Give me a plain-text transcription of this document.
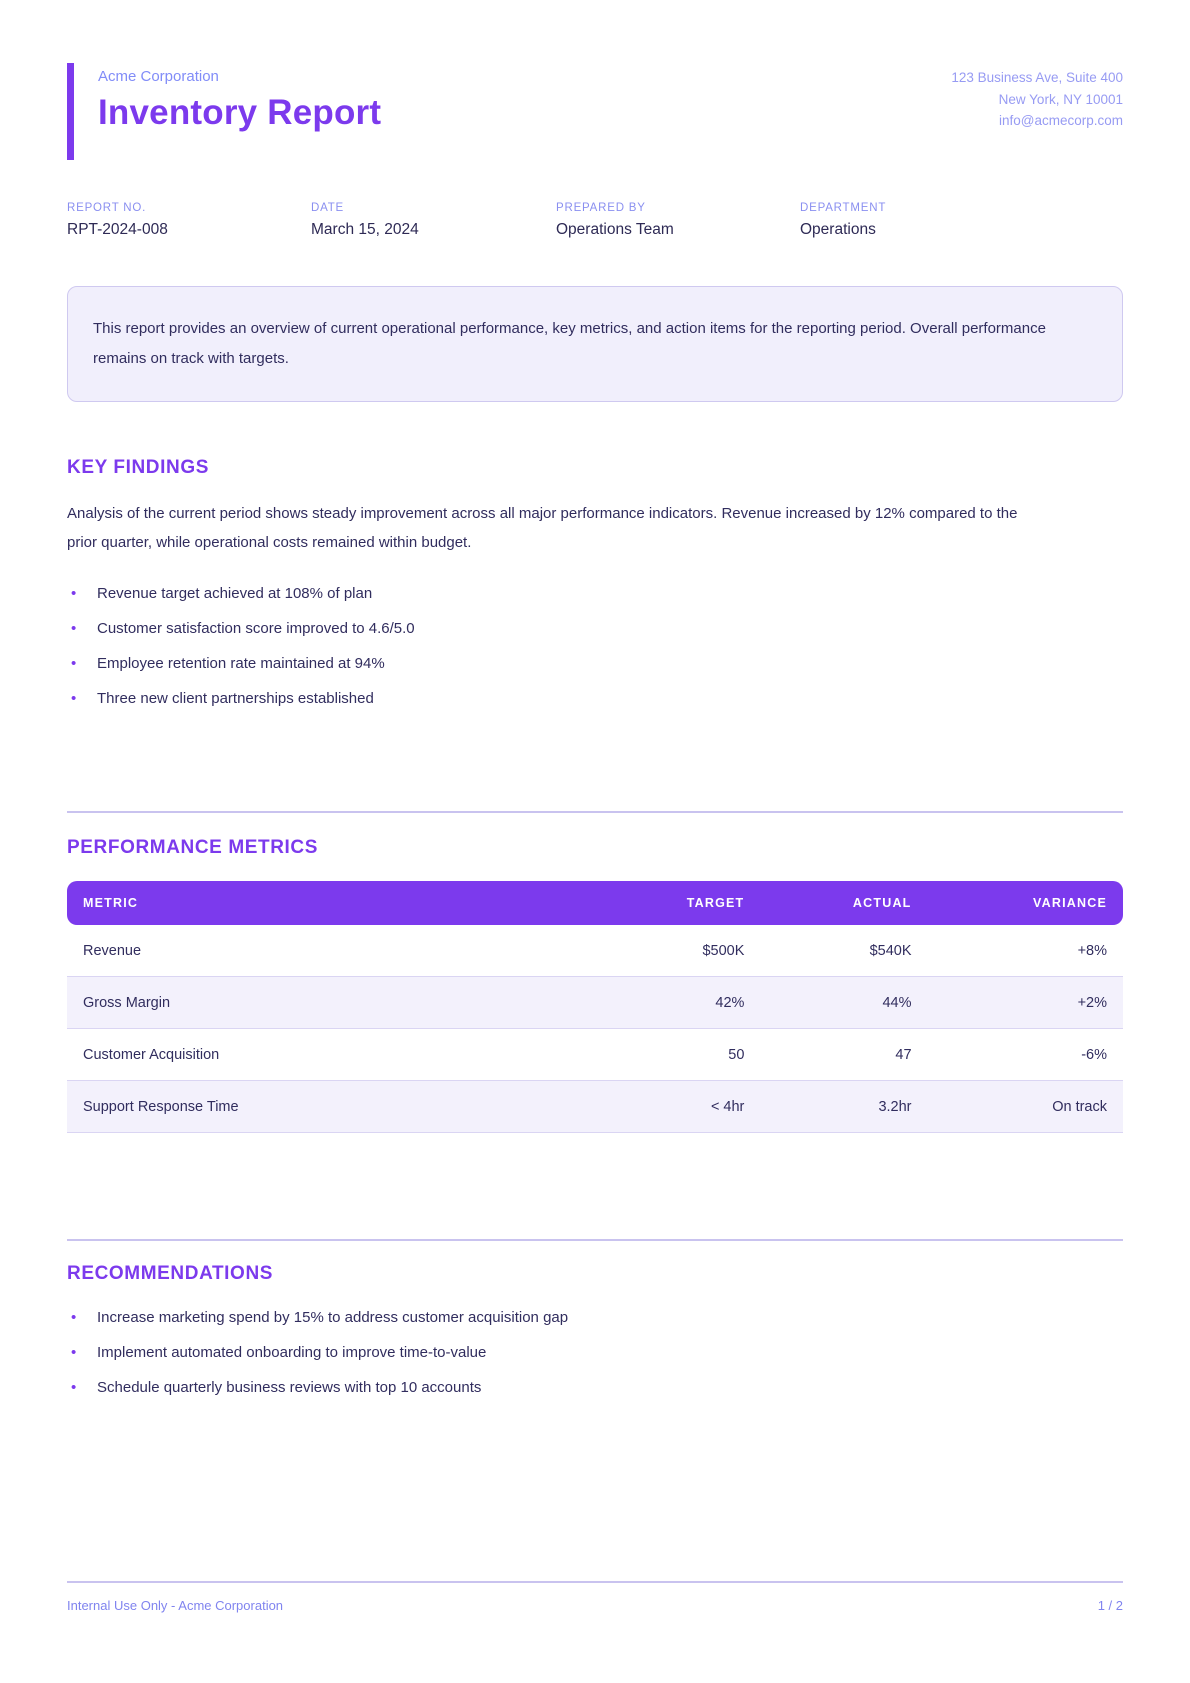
Acme Corporation
Inventory Report
123 Business Ave, Suite 400
New York, NY 10001
info@acmecorp.com
REPORT NO.
RPT-2024-008
DATE
March 15, 2024
PREPARED BY
Operations Team
DEPARTMENT
Operations
This report provides an overview of current operational performance, key metrics, and action items for the reporting period. Overall performance remains on track with targets.
KEY FINDINGS
Analysis of the current period shows steady improvement across all major performance indicators. Revenue increased by 12% compared to the prior quarter, while operational costs remained within budget.
•	Revenue target achieved at 108% of plan
•	Customer satisfaction score improved to 4.6/5.0
•	Employee retention rate maintained at 94%
•	Three new client partnerships established
PERFORMANCE METRICS
METRIC	TARGET	ACTUAL	VARIANCE
Revenue	$500K	$540K	+8%
Gross Margin	42%	44%	+2%
Customer Acquisition	50	47	-6%
Support Response Time	< 4hr	3.2hr	On track
RECOMMENDATIONS
•	Increase marketing spend by 15% to address customer acquisition gap
•	Implement automated onboarding to improve time-to-value
•	Schedule quarterly business reviews with top 10 accounts
Internal Use Only - Acme Corporation	1 / 2
